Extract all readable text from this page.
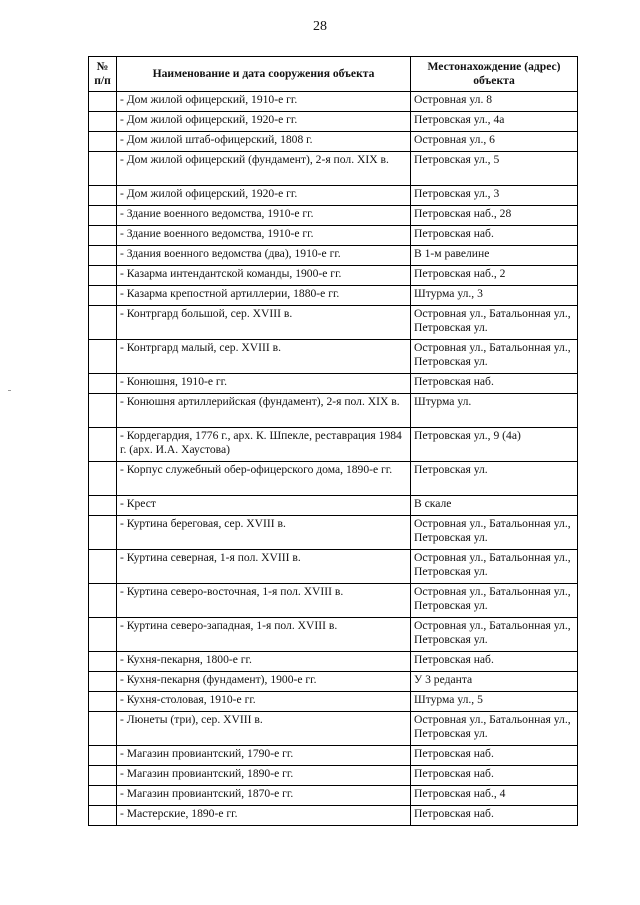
28
№ п/п	Наименование и дата сооружения объекта	Местонахождение (адрес) объекта
	- Дом жилой офицерский, 1910-е гг.	Островная ул. 8
	- Дом жилой офицерский, 1920-е гг.	Петровская ул., 4а
	- Дом жилой штаб-офицерский, 1808 г.	Островная ул., 6
	- Дом жилой офицерский (фундамент), 2-я пол. XIX в.	Петровская ул., 5
	- Дом жилой офицерский, 1920-е гг.	Петровская ул., 3
	- Здание военного ведомства, 1910-е гг.	Петровская наб., 28
	- Здание военного ведомства, 1910-е гг.	Петровская наб.
	- Здания военного ведомства (два), 1910-е гг.	В 1-м равелине
	- Казарма интендантской команды, 1900-е гг.	Петровская наб., 2
	- Казарма крепостной артиллерии, 1880-е гг.	Штурма ул., 3
	- Контргард большой, сер. XVIII в.	Островная ул., Батальонная ул., Петровская ул.
	- Контргард малый, сер. XVIII в.	Островная ул., Батальонная ул., Петровская ул.
	- Конюшня, 1910-е гг.	Петровская наб.
	- Конюшня артиллерийская (фундамент), 2-я пол. XIX в.	Штурма ул.
	- Кордегардия, 1776 г., арх. К. Шпекле, реставрация 1984 г. (арх. И.А. Хаустова)	Петровская ул., 9 (4а)
	- Корпус служебный обер-офицерского дома, 1890-е гг.	Петровская ул.
	- Крест	В скале
	- Куртина береговая, сер. XVIII в.	Островная ул., Батальонная ул., Петровская ул.
	- Куртина северная, 1-я пол. XVIII в.	Островная ул., Батальонная ул., Петровская ул.
	- Куртина северо-восточная, 1-я пол. XVIII в.	Островная ул., Батальонная ул., Петровская ул.
	- Куртина северо-западная, 1-я пол. XVIII в.	Островная ул., Батальонная ул., Петровская ул.
	- Кухня-пекарня, 1800-е гг.	Петровская наб.
	- Кухня-пекарня (фундамент), 1900-е гг.	У 3 реданта
	- Кухня-столовая, 1910-е гг.	Штурма ул., 5
	- Люнеты (три), сер. XVIII в.	Островная ул., Батальонная ул., Петровская ул.
	- Магазин провиантский, 1790-е гг.	Петровская наб.
	- Магазин провиантский, 1890-е гг.	Петровская наб.
	- Магазин провиантский, 1870-е гг.	Петровская наб., 4
	- Мастерские, 1890-е гг.	Петровская наб.
